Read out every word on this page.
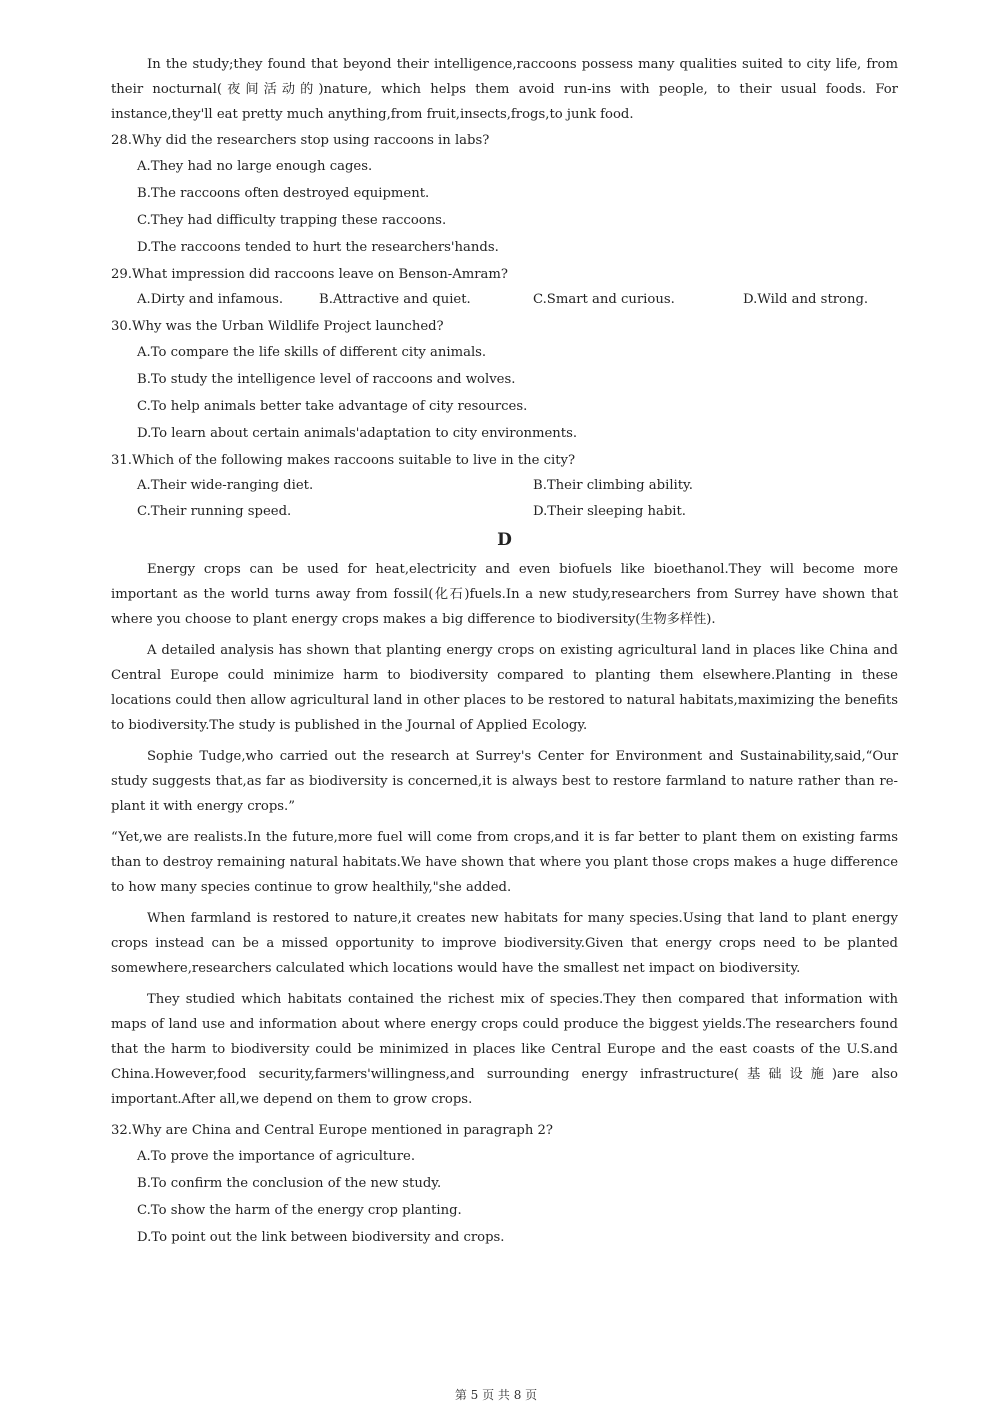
In the study;they found that beyond their intelligence,raccoons possess many qualities suited to city life, from their nocturnal(夜间活动的)nature, which helps them avoid run-ins with people, to their usual foods. For instance,they'll eat pretty much anything,from fruit,insects,frogs,to junk food.

28.Why did the researchers stop using raccoons in labs?

A.They had no large enough cages.

B.The raccoons often destroyed equipment.

C.They had difficulty trapping these raccoons.

D.The raccoons tended to hurt the researchers'hands.

29.What impression did raccoons leave on Benson-Amram?

A.Dirty and infamous.	B.Attractive and quiet.	C.Smart and curious.	D.Wild and strong.

30.Why was the Urban Wildlife Project launched?

A.To compare the life skills of different city animals.

B.To study the intelligence level of raccoons and wolves.

C.To help animals better take advantage of city resources.

D.To learn about certain animals'adaptation to city environments.

31.Which of the following makes raccoons suitable to live in the city?

A.Their wide-ranging diet.	B.Their climbing ability.
C.Their running speed.	D.Their sleeping habit.
D

Energy crops can be used for heat,electricity and even biofuels like bioethanol.They will become more important as the world turns away from fossil(化石)fuels.In a new study,researchers from Surrey have shown that where you choose to plant energy crops makes a big difference to biodiversity(生物多样性).

A detailed analysis has shown that planting energy crops on existing agricultural land in places like China and Central Europe could minimize harm to biodiversity compared to planting them elsewhere.Planting in these locations could then allow agricultural land in other places to be restored to natural habitats,maximizing the benefits to biodiversity.The study is published in the Journal of Applied Ecology.

Sophie Tudge,who carried out the research at Surrey's Center for Environment and Sustainability,said,“Our study suggests that,as far as biodiversity is concerned,it is always best to restore farmland to nature rather than re-plant it with energy crops.”

“Yet,we are realists.In the future,more fuel will come from crops,and it is far better to plant them on existing farms than to destroy remaining natural habitats.We have shown that where you plant those crops makes a huge difference to how many species continue to grow healthily,"she added.

When farmland is restored to nature,it creates new habitats for many species.Using that land to plant energy crops instead can be a missed opportunity to improve biodiversity.Given that energy crops need to be planted somewhere,researchers calculated which locations would have the smallest net impact on biodiversity.

They studied which habitats contained the richest mix of species.They then compared that information with maps of land use and information about where energy crops could produce the biggest yields.The researchers found that the harm to biodiversity could be minimized in places like Central Europe and the east coasts of the U.S.and China.However,food security,farmers'willingness,and surrounding energy infrastructure(基础设施)are also important.After all,we depend on them to grow crops.

32.Why are China and Central Europe mentioned in paragraph 2?

A.To prove the importance of agriculture.

B.To confirm the conclusion of the new study.

C.To show the harm of the energy crop planting.

D.To point out the link between biodiversity and crops.

第 5 页 共 8 页
